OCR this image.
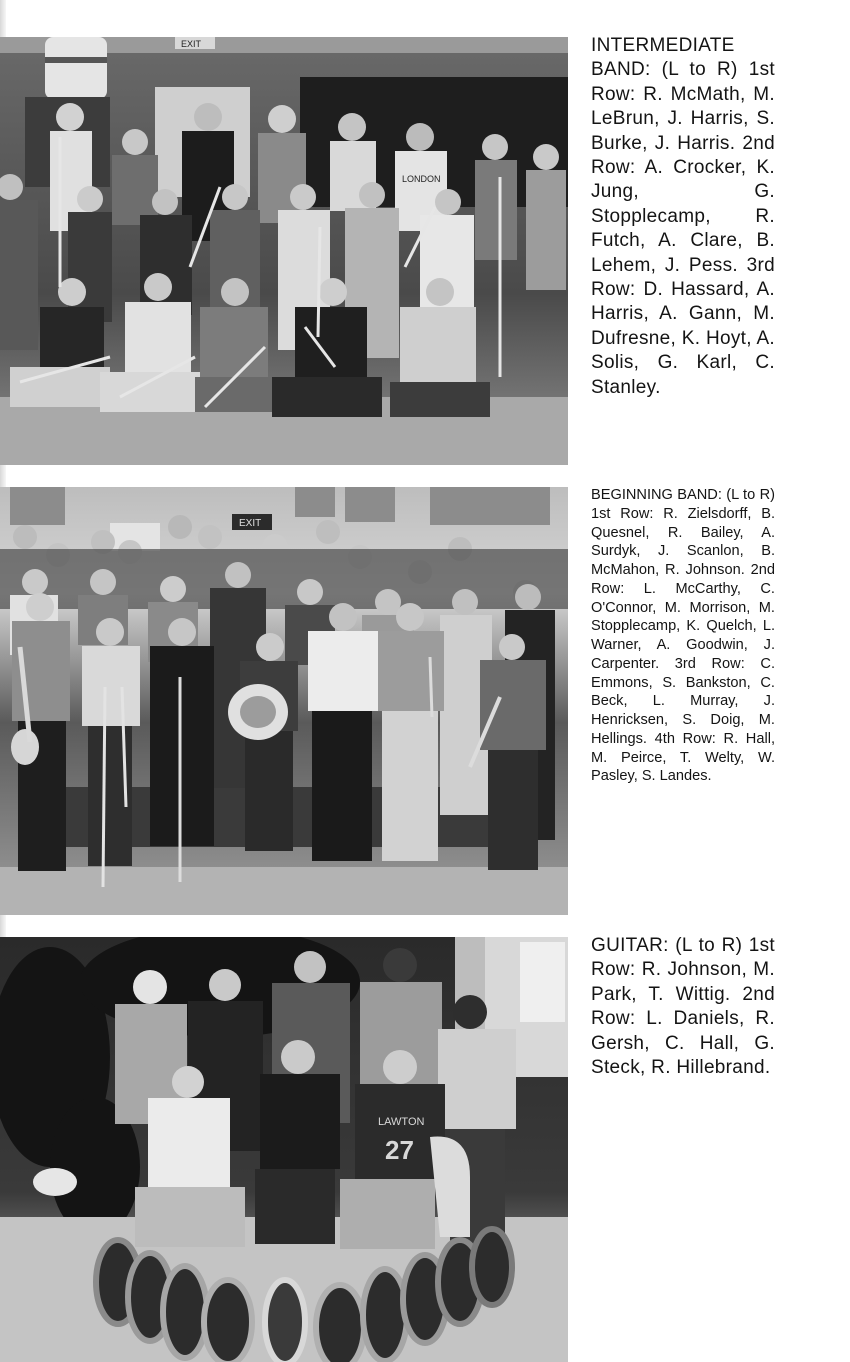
EXIT
LONDON

INTERMEDIATE BAND: (L to R) 1st Row: R. McMath, M. LeBrun, J. Harris, S. Burke, J. Harris. 2nd Row: A. Crocker, K. Jung, G. Stopplecamp, R. Futch, A. Clare, B. Lehem, J. Pess. 3rd Row: D. Hassard, A. Harris, A. Gann, M. Dufresne, K. Hoyt, A. Solis, G. Karl, C. Stanley.

EXIT

BEGINNING BAND: (L to R) 1st Row: R. Zielsdorff, B. Quesnel, R. Bailey, A. Surdyk, J. Scanlon, B. McMahon, R. Johnson. 2nd Row: L. McCarthy, C. O'Connor, M. Morrison, M. Stopplecamp, K. Quelch, L. Warner, A. Goodwin, J. Carpenter. 3rd Row: C. Emmons, S. Bankston, C. Beck, L. Murray, J. Henricksen, S. Doig, M. Hellings. 4th Row: R. Hall, M. Peirce, T. Welty, W. Pasley, S. Landes.

LAWTON
27

GUITAR: (L to R) 1st Row: R. Johnson, M. Park, T. Wittig. 2nd Row: L. Daniels, R. Gersh, C. Hall, G. Steck, R. Hillebrand.
